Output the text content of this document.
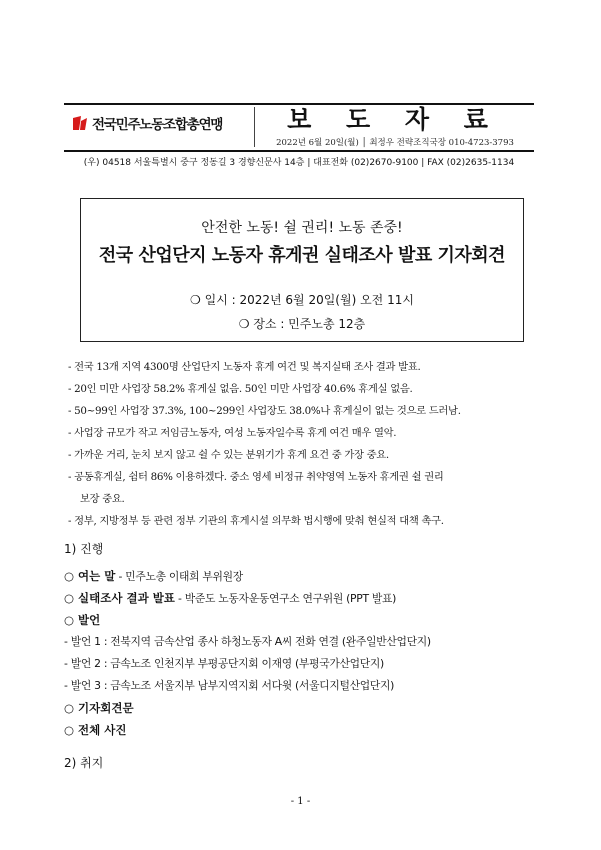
전국민주노동조합총연맹	보 도 자 료
2022년 6월 20일(월) │ 최정우 전략조직국장 010-4723-3793
(우) 04518 서울특별시 중구 정동길 3 경향신문사 14층 | 대표전화 (02)2670-9100 | FAX (02)2635-1134
안전한 노동! 쉴 권리! 노동 존중!
전국 산업단지 노동자 휴게권 실태조사 발표 기자회견
❍ 일시 : 2022년 6월 20일(월) 오전 11시
❍ 장소 : 민주노총 12층
- 전국 13개 지역 4300명 산업단지 노동자 휴게 여건 및 복지실태 조사 결과 발표.
- 20인 미만 사업장 58.2% 휴게실 없음. 50인 미만 사업장 40.6% 휴게실 없음.
- 50~99인 사업장 37.3%, 100~299인 사업장도 38.0%나 휴게실이 없는 것으로 드러남.
- 사업장 규모가 작고 저임금노동자, 여성 노동자일수록 휴게 여건 매우 열악.
- 가까운 거리, 눈치 보지 않고 쉴 수 있는 분위기가 휴게 요건 중 가장 중요.
- 공동휴게실, 쉼터 86% 이용하겠다. 중소 영세 비정규 취약영역 노동자 휴게권 쉴 권리
보장 중요.
- 정부, 지방정부 등 관련 정부 기관의 휴게시설 의무화 법시행에 맞춰 현실적 대책 촉구.
1) 진행
○ 여는 말 - 민주노총 이태희 부위원장
○ 실태조사 결과 발표 - 박준도 노동자운동연구소 연구위원 (PPT 발표)
○ 발언
- 발언 1 : 전북지역 금속산업 종사 하청노동자 A씨 전화 연결 (완주일반산업단지)
- 발언 2 : 금속노조 인천지부 부평공단지회 이재영 (부평국가산업단지)
- 발언 3 : 금속노조 서울지부 남부지역지회 서다윗 (서울디지털산업단지)
○ 기자회견문
○ 전체 사진
2) 취지
- 1 -
